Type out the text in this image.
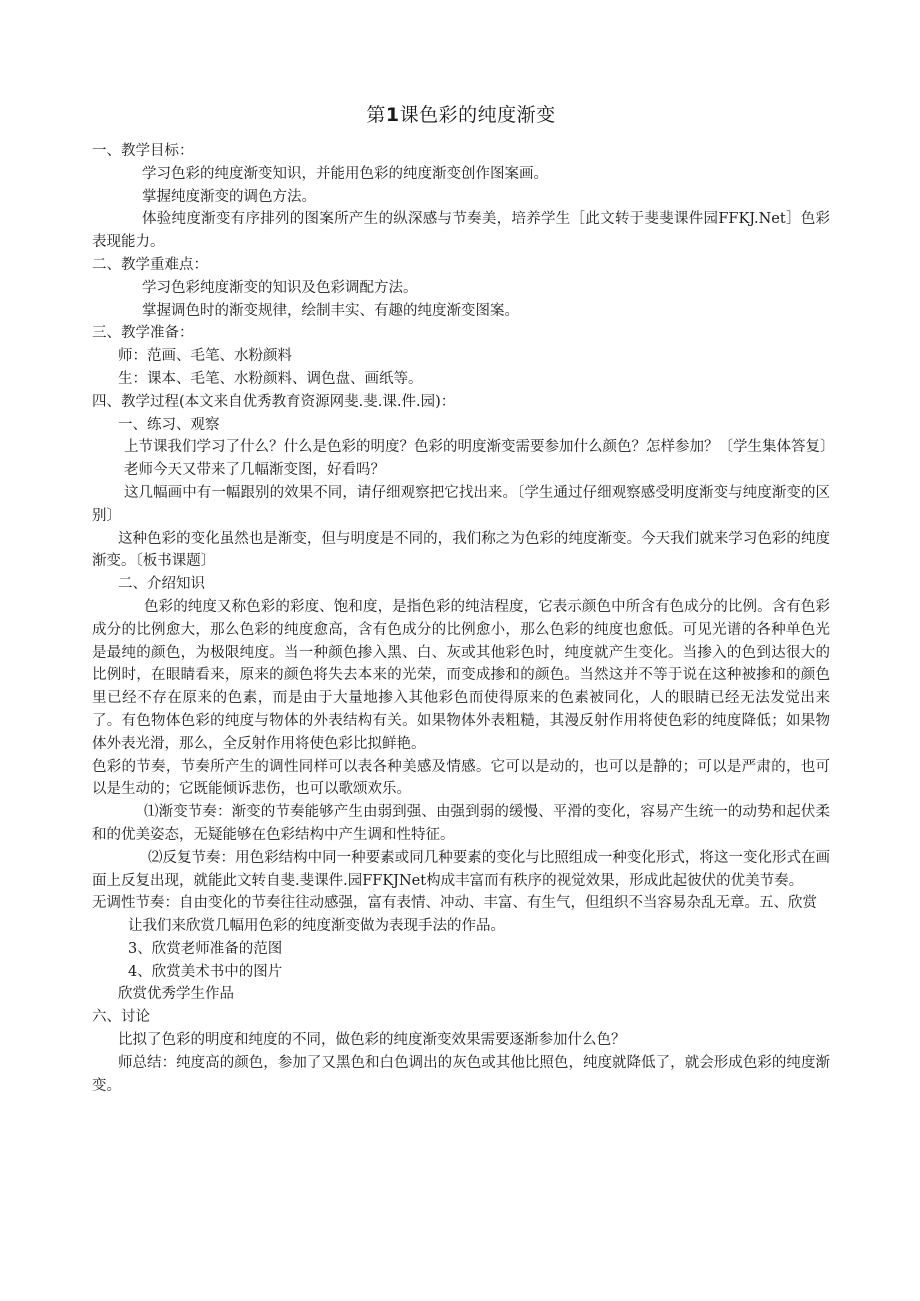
第1课色彩的纯度渐变

一、教学目标：

学习色彩的纯度渐变知识，并能用色彩的纯度渐变创作图案画。

掌握纯度渐变的调色方法。

体验纯度渐变有序排列的图案所产生的纵深感与节奏美，培养学生［此文转于斐斐课件园FFKJ.Net］色彩表现能力。

二、教学重难点：

学习色彩纯度渐变的知识及色彩调配方法。

掌握调色时的渐变规律，绘制丰实、有趣的纯度渐变图案。

三、教学准备：

师：范画、毛笔、水粉颜料

生：课本、毛笔、水粉颜料、调色盘、画纸等。

四、教学过程(本文来自优秀教育资源网斐.斐.课.件.园)：

一、练习、观察

上节课我们学习了什么？什么是色彩的明度？色彩的明度渐变需要参加什么颜色？怎样参加？〔学生集体答复〕

老师今天又带来了几幅渐变图，好看吗？

这几幅画中有一幅跟别的效果不同，请仔细观察把它找出来。〔学生通过仔细观察感受明度渐变与纯度渐变的区别〕

这种色彩的变化虽然也是渐变，但与明度是不同的，我们称之为色彩的纯度渐变。今天我们就来学习色彩的纯度渐变。〔板书课题〕

二、介绍知识

色彩的纯度又称色彩的彩度、饱和度，是指色彩的纯洁程度，它表示颜色中所含有色成分的比例。含有色彩成分的比例愈大，那么色彩的纯度愈高，含有色成分的比例愈小，那么色彩的纯度也愈低。可见光谱的各种单色光是最纯的颜色，为极限纯度。当一种颜色掺入黑、白、灰或其他彩色时，纯度就产生变化。当掺入的色到达很大的比例时，在眼睛看来，原来的颜色将失去本来的光荣，而变成掺和的颜色。当然这并不等于说在这种被掺和的颜色里已经不存在原来的色素，而是由于大量地掺入其他彩色而使得原来的色素被同化，人的眼睛已经无法发觉出来了。有色物体色彩的纯度与物体的外表结构有关。如果物体外表粗糙，其漫反射作用将使色彩的纯度降低；如果物体外表光滑，那么，全反射作用将使色彩比拟鲜艳。

色彩的节奏，节奏所产生的调性同样可以表各种美感及情感。它可以是动的，也可以是静的；可以是严肃的，也可以是生动的；它既能倾诉悲伤，也可以歌颂欢乐。

⑴渐变节奏：渐变的节奏能够产生由弱到强、由强到弱的缓慢、平滑的变化，容易产生统一的动势和起伏柔和的优美姿态，无疑能够在色彩结构中产生调和性特征。

⑵反复节奏：用色彩结构中同一种要素或同几种要素的变化与比照组成一种变化形式，将这一变化形式在画面上反复出现，就能此文转自斐.斐课件.园FFKJNet构成丰富而有秩序的视觉效果，形成此起彼伏的优美节奏。

无调性节奏：自由变化的节奏往往动感强，富有表情、冲动、丰富、有生气，但组织不当容易杂乱无章。五、欣赏

让我们来欣赏几幅用色彩的纯度渐变做为表现手法的作品。

3、欣赏老师准备的范图

4、欣赏美术书中的图片

欣赏优秀学生作品

六、讨论

比拟了色彩的明度和纯度的不同，做色彩的纯度渐变效果需要逐渐参加什么色？

师总结：纯度高的颜色，参加了又黑色和白色调出的灰色或其他比照色，纯度就降低了，就会形成色彩的纯度渐变。
